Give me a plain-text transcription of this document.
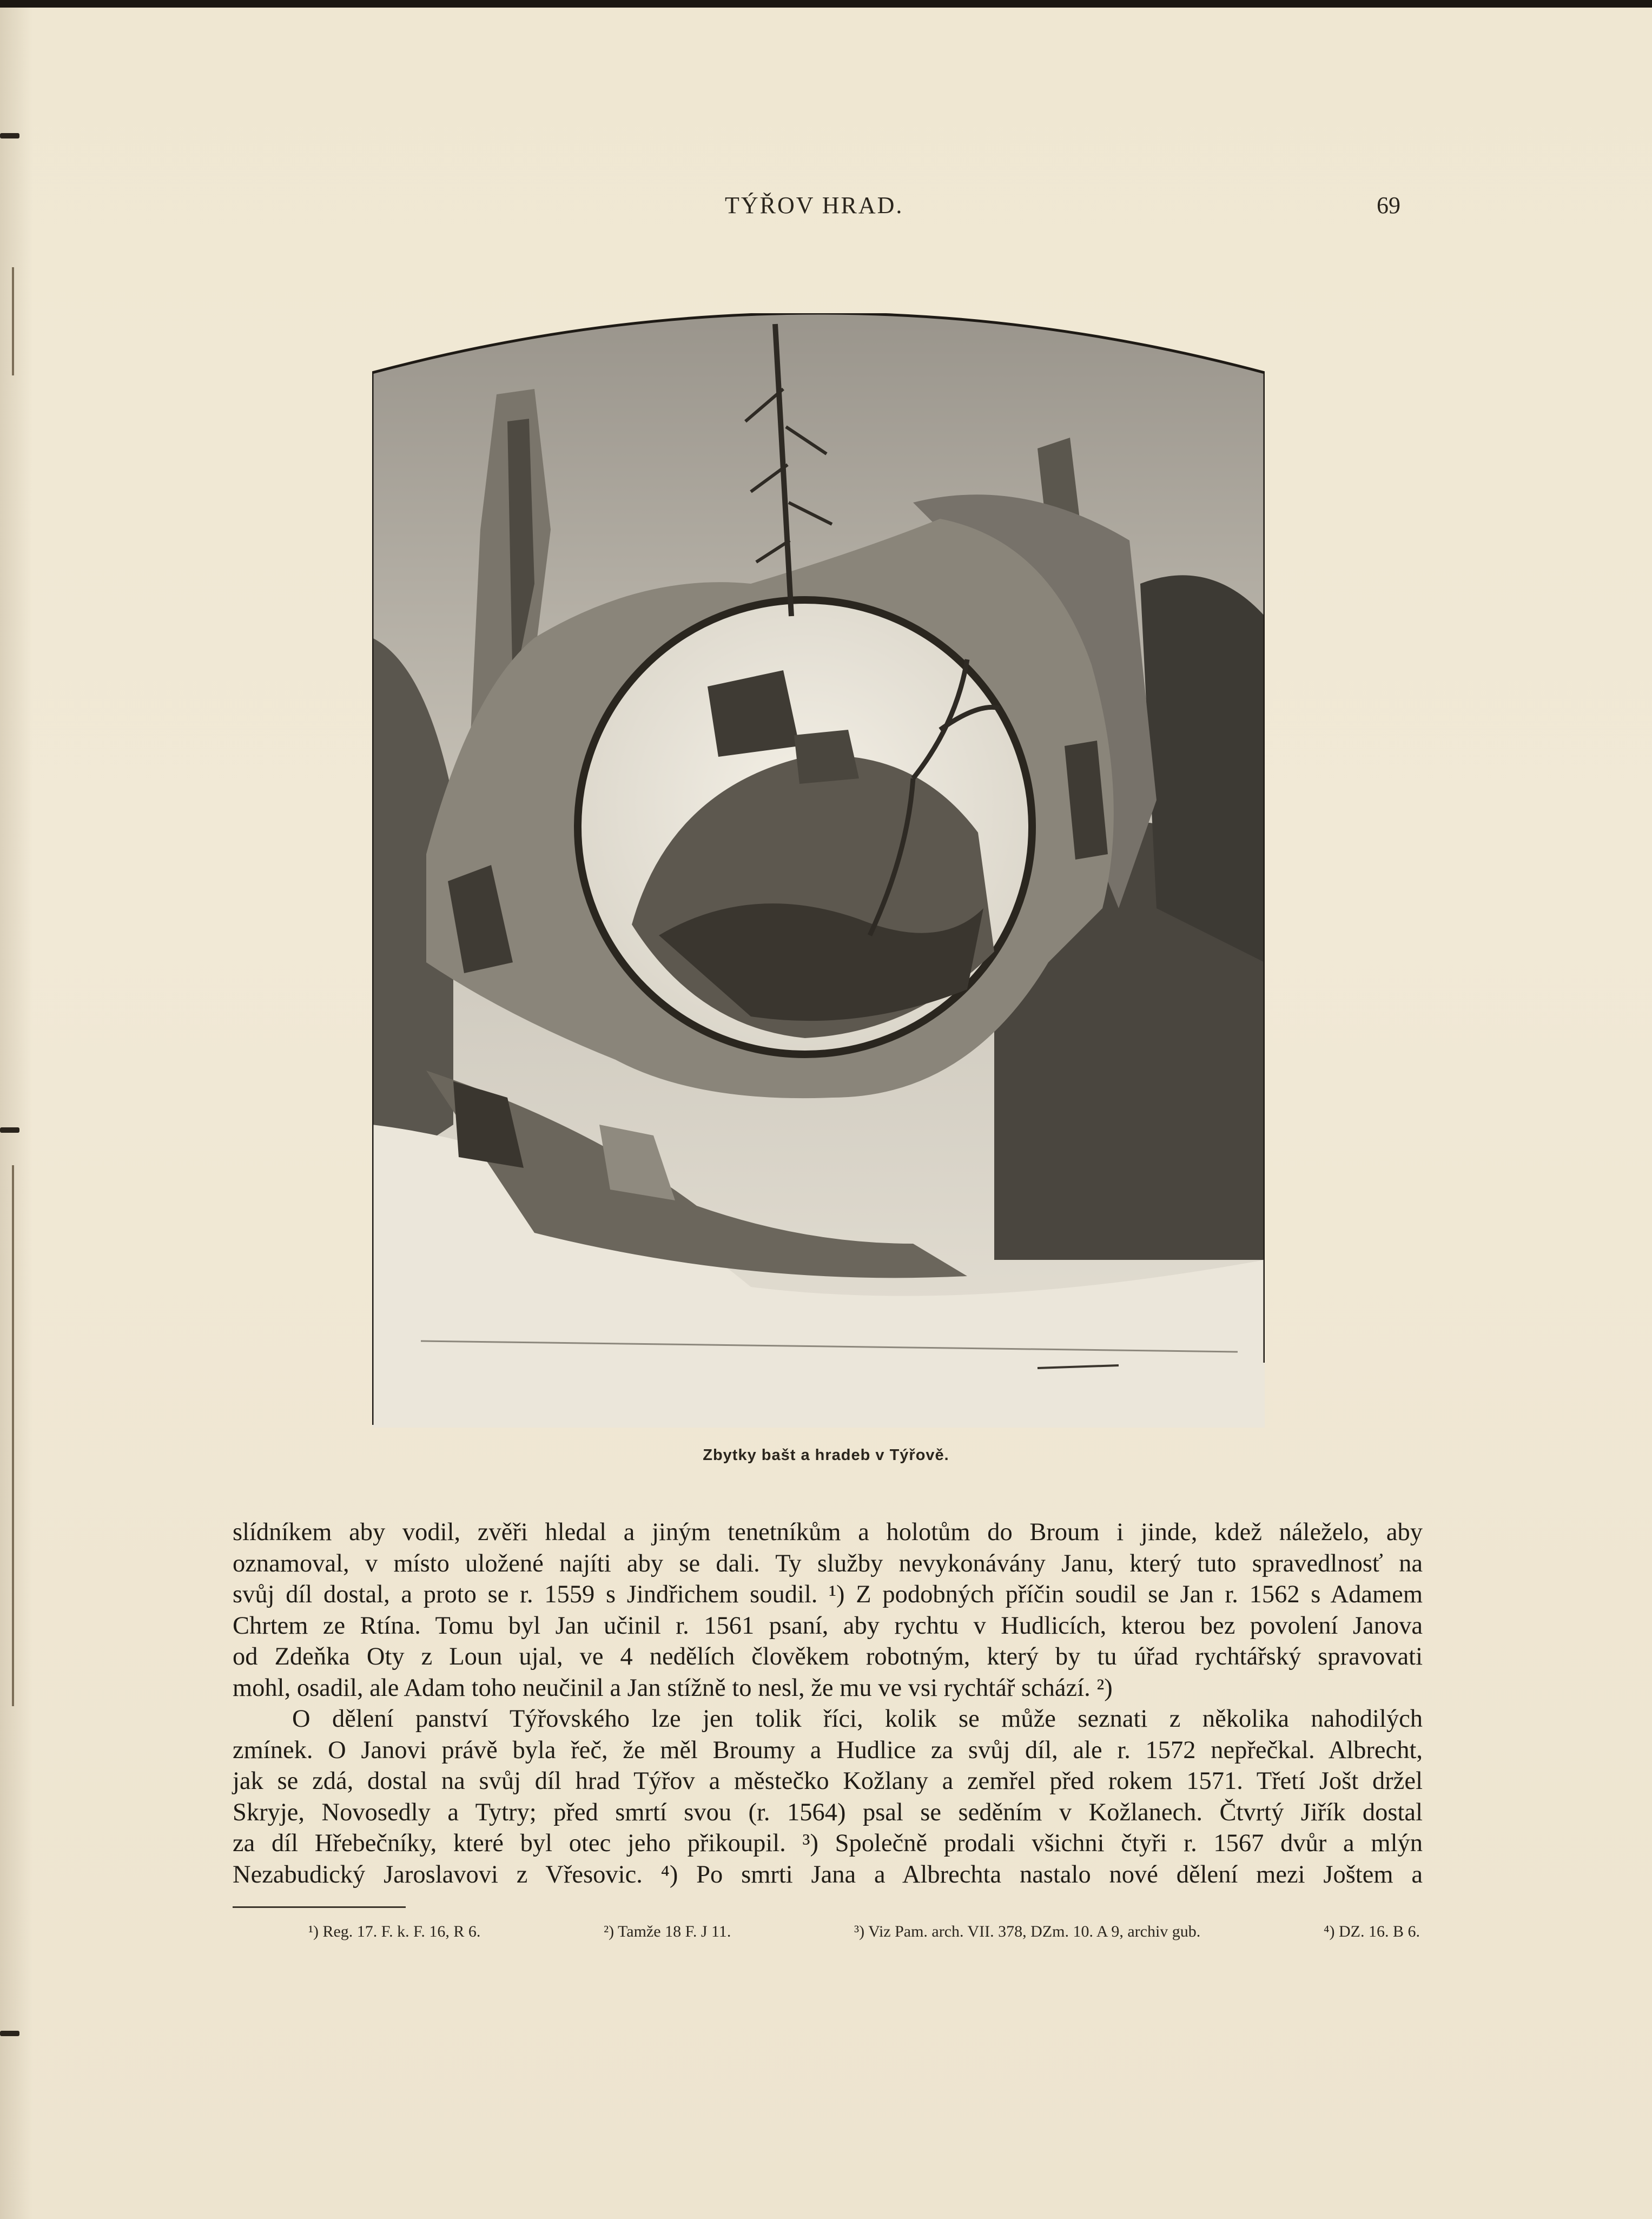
TÝŘOV HRAD.	69
Zbytky bašt a hradeb v Týřově.
slídníkem aby vodil, zvěři hledal a jiným tenetníkům a holotům do Broum i jinde, kdež náleželo, aby
oznamoval, v místo uložené najíti aby se dali. Ty služby nevykonávány Janu, který tuto spravedlnosť na
svůj díl dostal, a proto se r. 1559 s Jindřichem soudil. ¹) Z podobných příčin soudil se Jan r. 1562 s Adamem
Chrtem ze Rtína. Tomu byl Jan učinil r. 1561 psaní, aby rychtu v Hudlicích, kterou bez povolení Janova
od Zdeňka Oty z Loun ujal, ve 4 nedělích člověkem robotným, který by tu úřad rychtářský spravovati
mohl, osadil, ale Adam toho neučinil a Jan stížně to nesl, že mu ve vsi rychtář schází. ²)
O dělení panství Týřovského lze jen tolik říci, kolik se může seznati z několika nahodilých
zmínek. O Janovi právě byla řeč, že měl Broumy a Hudlice za svůj díl, ale r. 1572 nepřečkal. Albrecht,
jak se zdá, dostal na svůj díl hrad Týřov a městečko Kožlany a zemřel před rokem 1571. Třetí Jošt držel
Skryje, Novosedly a Tytry; před smrtí svou (r. 1564) psal se seděním v Kožlanech. Čtvrtý Jiřík dostal
za díl Hřebečníky, které byl otec jeho přikoupil. ³) Společně prodali všichni čtyři r. 1567 dvůr a mlýn
Nezabudický Jaroslavovi z Vřesovic. ⁴) Po smrti Jana a Albrechta nastalo nové dělení mezi Joštem a
¹) Reg. 17. F. k. F. 16, R 6.	²) Tamže 18 F. J 11.	³) Viz Pam. arch. VII. 378, DZm. 10. A 9, archiv gub.	⁴) DZ. 16. B 6.
